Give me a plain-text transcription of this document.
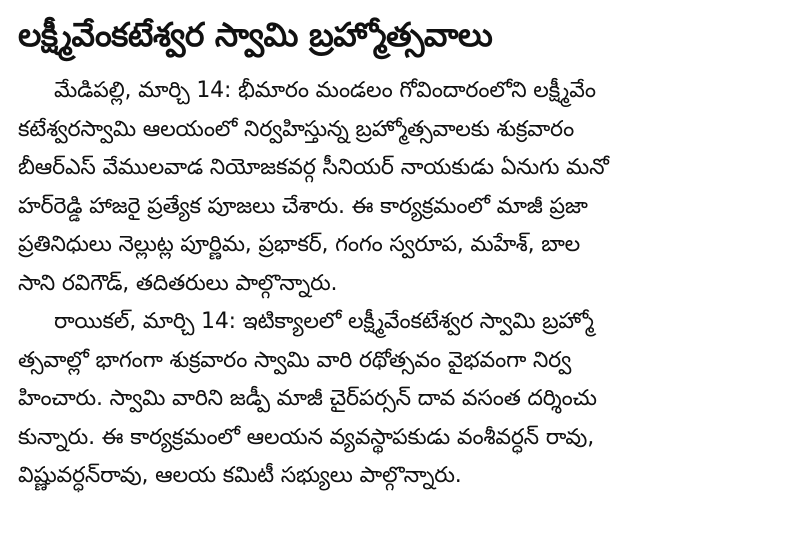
లక్ష్మీవేంకటేశ్వర స్వామి బ్రహ్మోత్సవాలు
మేడిపల్లి, మార్చి 14: భీమారం మండలం గోవిందారంలోని లక్ష్మీవేం
కటేశ్వరస్వామి ఆలయంలో నిర్వహిస్తున్న బ్రహ్మోత్సవాలకు శుక్రవారం
బీఆర్ఎస్ వేములవాడ నియోజకవర్గ సీనియర్ నాయకుడు ఏనుగు మనో
హర్‌రెడ్డి హాజరై ప్రత్యేక పూజలు చేశారు. ఈ కార్యక్రమంలో మాజీ ప్రజా
ప్రతినిధులు నెల్లుట్ల పూర్ణిమ, ప్రభాకర్, గంగం స్వరూప, మహేశ్, బాల
సాని రవిగౌడ్, తదితరులు పాల్గొన్నారు.
రాయికల్, మార్చి 14: ఇటిక్యాలలో లక్ష్మీవేంకటేశ్వర స్వామి బ్రహ్మో
త్సవాల్లో భాగంగా శుక్రవారం స్వామి వారి రథోత్సవం వైభవంగా నిర్వ
హించారు. స్వామి వారిని జడ్పీ మాజీ చైర్‌పర్సన్ దావ వసంత దర్శించు
కున్నారు. ఈ కార్యక్రమంలో ఆలయన వ్యవస్థాపకుడు వంశీవర్ధన్ రావు,
విష్ణువర్ధన్‌రావు, ఆలయ కమిటీ సభ్యులు పాల్గొన్నారు.
